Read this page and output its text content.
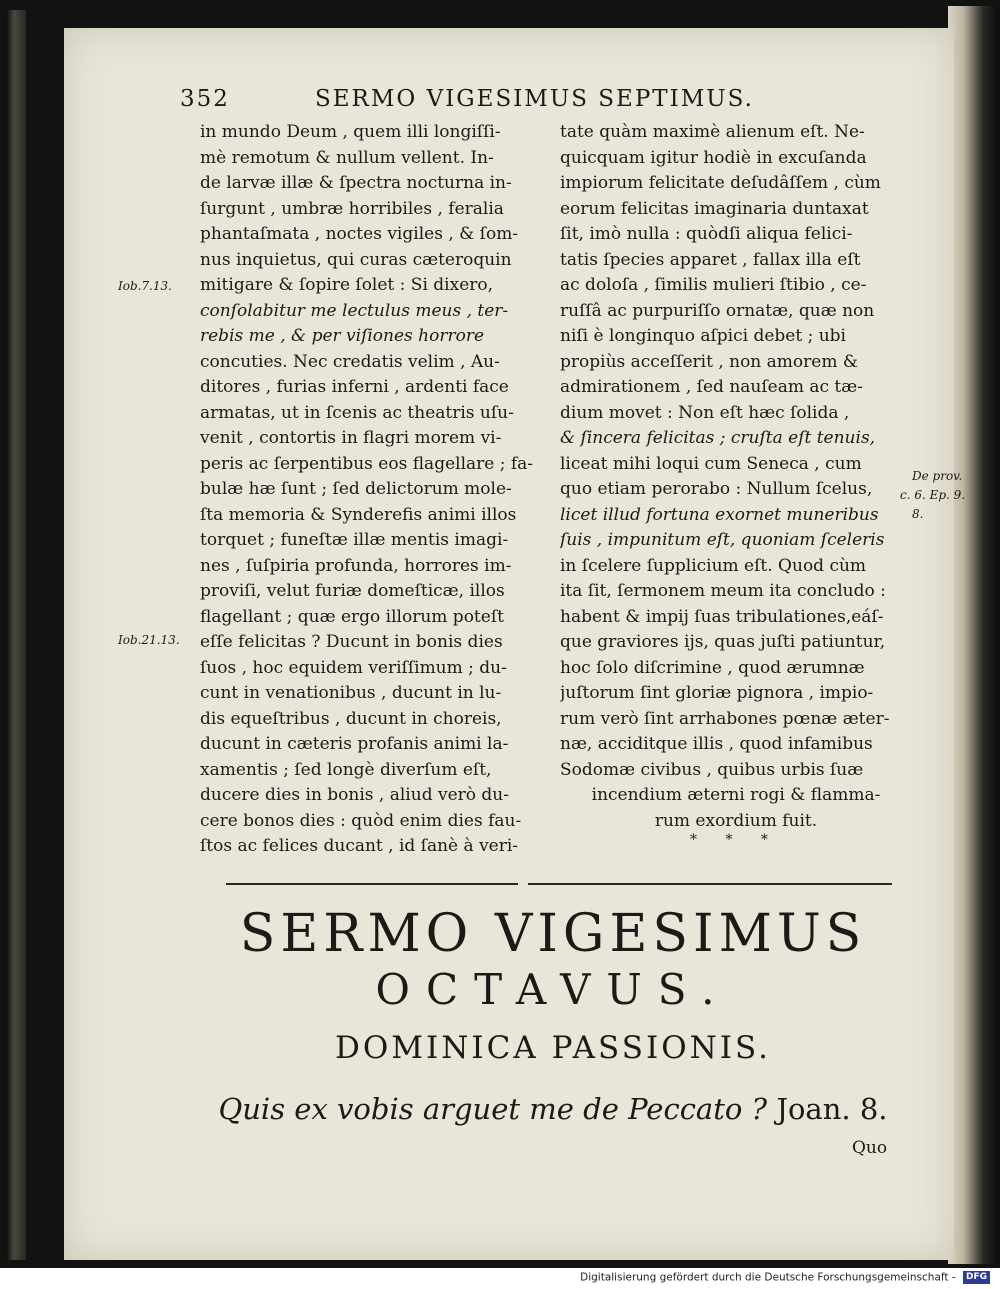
352	SERMO VIGESIMUS SEPTIMUS.
in mundo Deum , quem illi longiſſi-
mè remotum & nullum vellent. In-
de larvæ illæ & ſpectra nocturna in-
ſurgunt , umbræ horribiles , feralia
phantaſmata , noctes vigiles , & ſom-
nus inquietus, qui curas cæteroquin
mitigare & ſopire ſolet : Si dixero,
conſolabitur me lectulus meus , ter-
rebis me , & per viſiones horrore
concuties. Nec credatis velim , Au-
ditores , furias inferni , ardenti face
armatas, ut in ſcenis ac theatris uſu-
venit , contortis in flagri morem vi-
peris ac ſerpentibus eos flagellare ; fa-
bulæ hæ ſunt ; ſed delictorum mole-
ſta memoria & Synderefis animi illos
torquet ; funeſtæ illæ mentis imagi-
nes , ſuſpiria profunda, horrores im-
proviſi, velut furiæ domeſticæ, illos
flagellant ; quæ ergo illorum poteſt
eſſe felicitas ? Ducunt in bonis dies
ſuos , hoc equidem veriſſimum ; du-
cunt in venationibus , ducunt in lu-
dis equeſtribus , ducunt in choreis,
ducunt in cæteris profanis animi la-
xamentis ; ſed longè diverſum eſt,
ducere dies in bonis , aliud verò du-
cere bonos dies : quòd enim dies fau-
ſtos ac felices ducant , id ſanè à veri-
tate quàm maximè alienum eſt. Ne-
quicquam igitur hodiè in excuſanda
impiorum felicitate deſudâſſem , cùm
eorum felicitas imaginaria duntaxat
ſit, imò nulla : quòdſi aliqua felici-
tatis ſpecies apparet , fallax illa eſt
ac doloſa , ſimilis mulieri ſtibio , ce-
ruſſâ ac purpuriſſo ornatæ, quæ non
niſi è longinquo aſpici debet ; ubi
propiùs acceſſerit , non amorem &
admirationem , ſed nauſeam ac tæ-
dium movet : Non eſt hæc ſolida ,
& ſincera felicitas ; cruſta eſt tenuis,
liceat mihi loqui cum Seneca , cum
quo etiam perorabo : Nullum ſcelus,
licet illud fortuna exornet muneribus
ſuis , impunitum eſt, quoniam ſceleris
in ſcelere ſupplicium eſt. Quod cùm
ita ſit, ſermonem meum ita concludo :
habent & impij ſuas tribulationes,eáſ-
que graviores ijs, quas juſti patiuntur,
hoc ſolo diſcrimine , quod ærumnæ
juſtorum ſint gloriæ pignora , impio-
rum verò ſint arrhabones pœnæ æter-
næ, acciditque illis , quod infamibus
Sodomæ civibus , quibus urbis ſuæ
incendium æterni rogi & flamma-
rum exordium fuit.
Iob.7.13.
Iob.21.13.
De prov.
c. 6. Ep. 9.
8.
* * *
SERMO VIGESIMUS
OCTAVUS.
DOMINICA PASSIONIS.
Quis ex vobis arguet me de Peccato ? Joan. 8.
Quo
Digitalisierung gefördert durch die Deutsche Forschungsgemeinschaft - DFG
